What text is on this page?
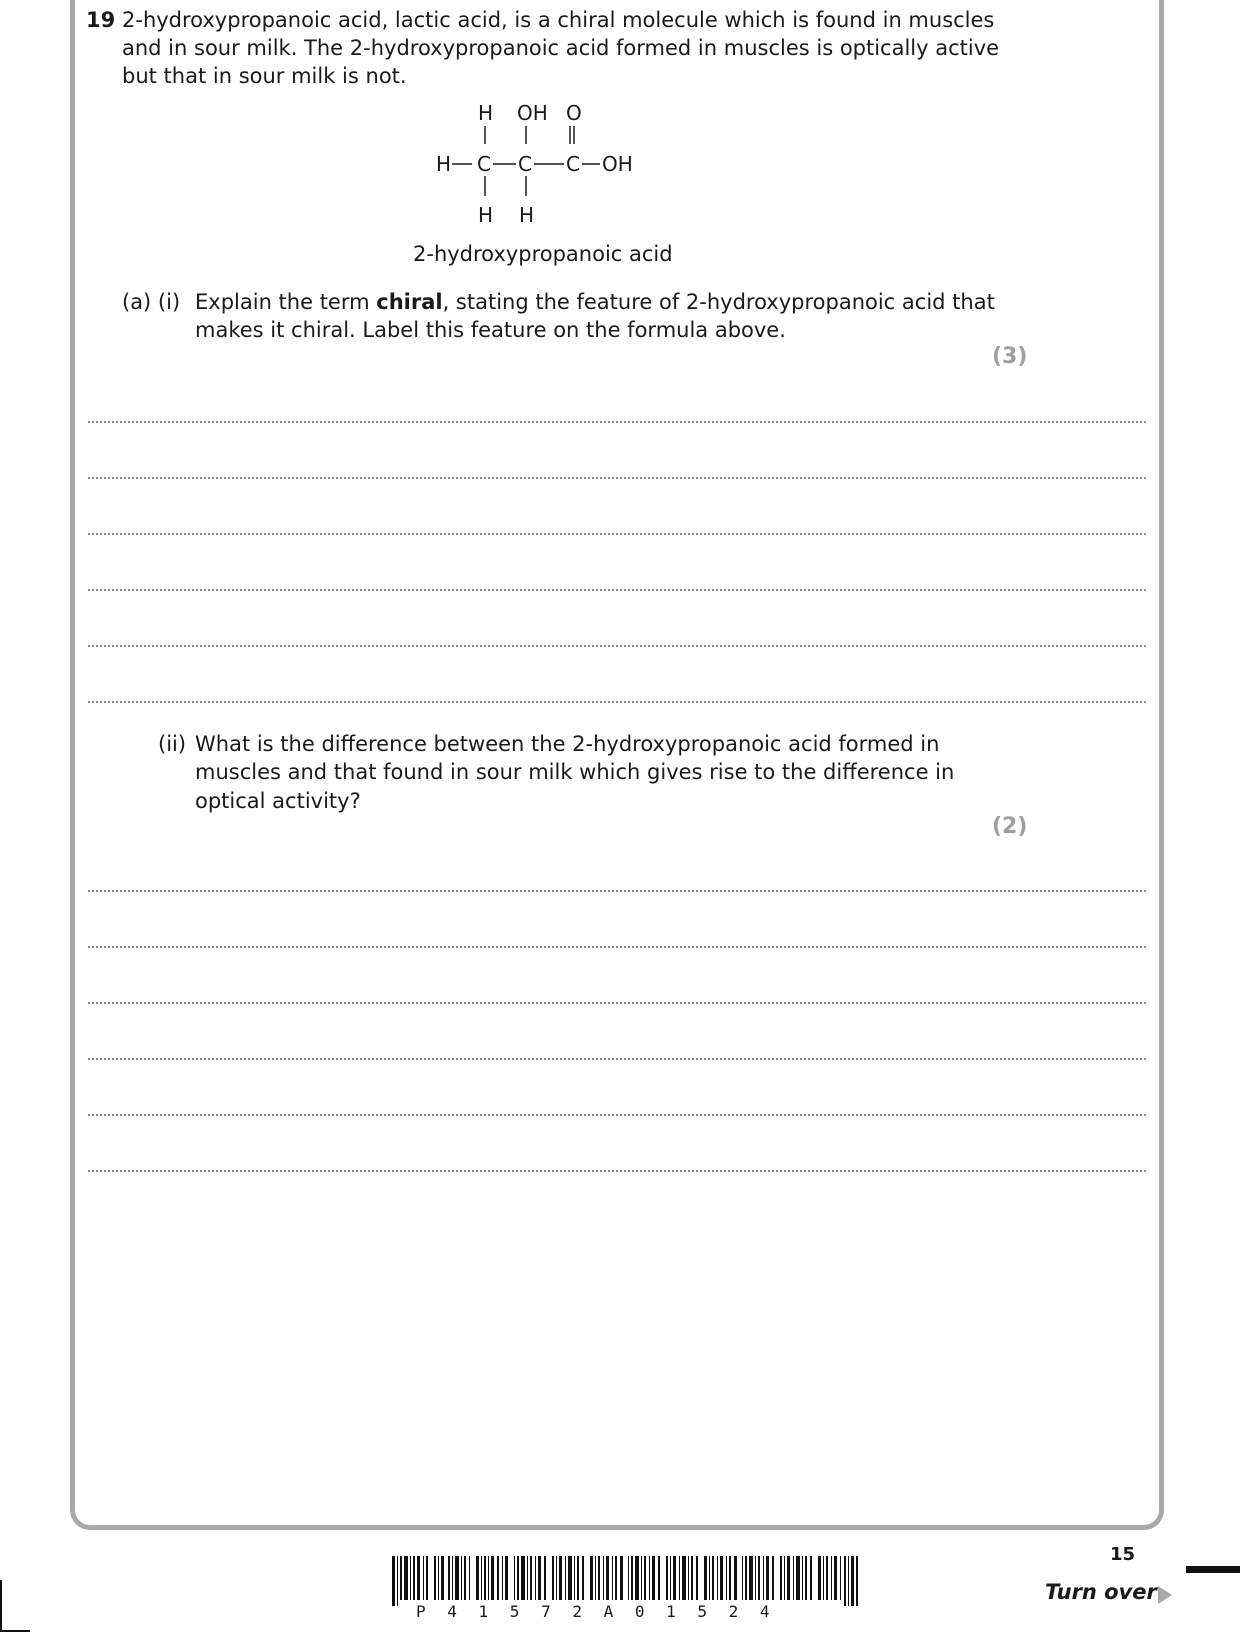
19 2-hydroxypropanoic acid, lactic acid, is a chiral molecule which is found in muscles
and in sour milk. The 2-hydroxypropanoic acid formed in muscles is optically active
but that in sour milk is not.
H OH O
H C C C OH
H H
2-hydroxypropanoic acid
(a) (i) Explain the term chiral, stating the feature of 2-hydroxypropanoic acid that
makes it chiral. Label this feature on the formula above.
(3)
(ii) What is the difference between the 2-hydroxypropanoic acid formed in
muscles and that found in sour milk which gives rise to the difference in
optical activity?
(2)
P 4 1 5 7 2 A 0 1 5 2 4
15
Turn over
